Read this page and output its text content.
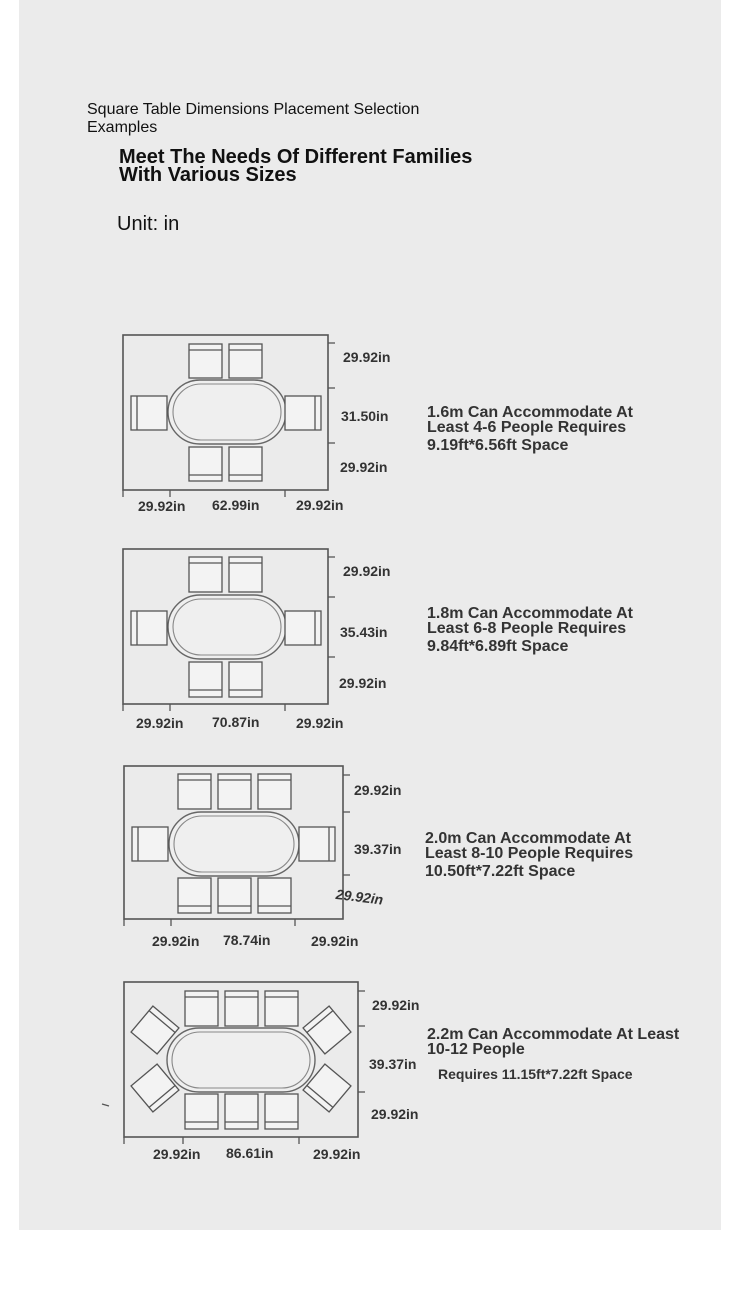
Square Table Dimensions Placement Selection
Examples
Meet The Needs Of Different Families
With Various Sizes
Unit: in
29.92in
31.50in
29.92in
29.92in 62.99in	29.92in
1.6m Can Accommodate At
Least 4-6 People Requires
9.19ft*6.56ft Space
29.92in
35.43in
29.92in
29.92in 70.87in	29.92in
1.8m Can Accommodate At
Least 6-8 People Requires
9.84ft*6.89ft Space
29.92in
39.37in
29.92in
29.92in 78.74in	29.92in
2.0m Can Accommodate At
Least 8-10 People Requires
10.50ft*7.22ft Space
29.92in
39.37in
29.92in
29.92in 86.61in	29.92in
2.2m Can Accommodate At Least
10-12 People
Requires 11.15ft*7.22ft Space
